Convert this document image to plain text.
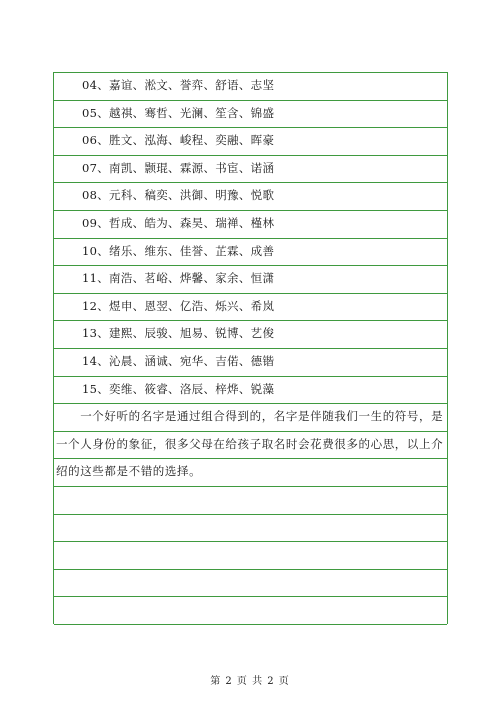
04、嘉谊、淞文、誉弈、舒语、志坚
05、越祺、骞哲、光澜、笙含、锦盛
06、胜文、泓海、峻程、奕融、晖豪
07、南凯、颢琨、霖源、书宦、诺涵
08、元科、稿奕、洪御、明豫、悦歌
09、哲成、皓为、森昊、瑞禅、槿林
10、绪乐、维东、佳誉、芷霖、成善
11、南浩、茗峪、烨馨、家余、恒潇
12、煜申、恩翌、亿浩、烁兴、希岚
13、建熙、辰骏、旭易、锐博、艺俊
14、沁晨、涵诚、宛华、吉偌、德锴
15、奕维、筱睿、洛辰、梓烨、锐藻
　　一个好听的名字是通过组合得到的，名字是伴随我们一生的符号，是
一个人身份的象征，很多父母在给孩子取名时会花费很多的心思，以上介
绍的这些都是不错的选择。
第 2 页 共 2 页
